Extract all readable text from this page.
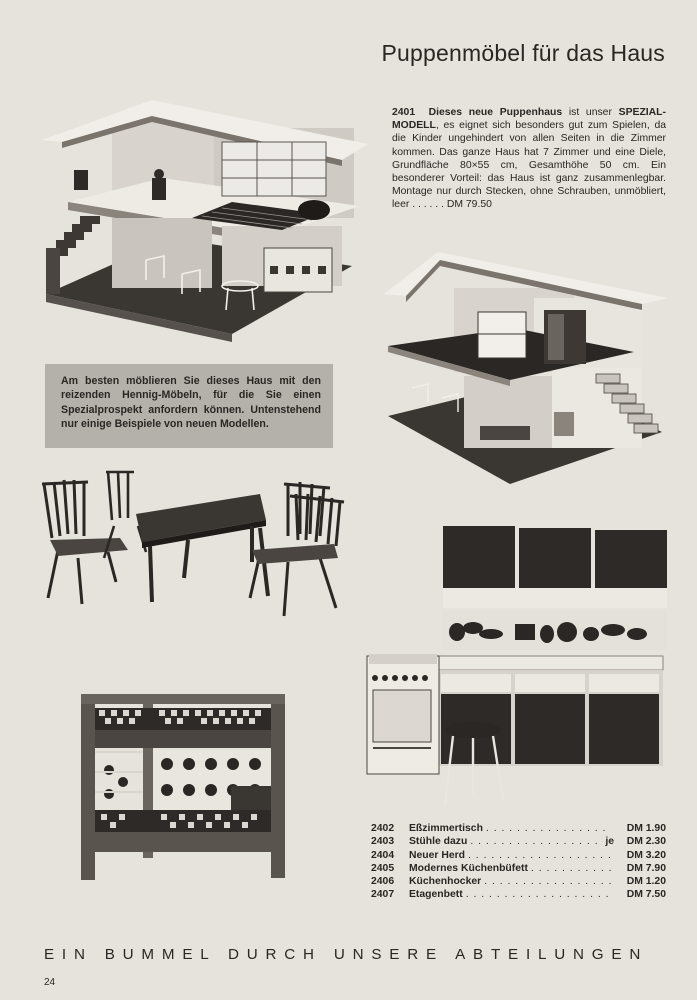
Puppenmöbel für das Haus
2401 Dieses neue Puppenhaus ist unser SPEZIAL-MODELL, es eignet sich besonders gut zum Spielen, da die Kinder ungehindert von allen Seiten in die Zimmer kommen. Das ganze Haus hat 7 Zimmer und eine Diele, Grundfläche 80×55 cm, Gesamthöhe 50 cm. Ein besonderer Vorteil: das Haus ist ganz zusammenlegbar. Montage nur durch Stecken, ohne Schrauben, unmöbliert, leer . . . . . . DM 79.50
Am besten möblieren Sie dieses Haus mit den reizenden Hennig-Möbeln, für die Sie einen Spezialprospekt anfordern können. Untenstehend nur einige Beispiele von neuen Modellen.
2402	Eßzimmertisch . . .	DM 1.90
2403	Stühle dazu . . .	je	DM 2.30
2404	Neuer Herd . . .	DM 3.20
2405	Modernes Küchenbüfett . . .	DM 7.90
2406	Küchenhocker . . .	DM 1.20
2407	Etagenbett . . .	DM 7.50
EIN BUMMEL DURCH UNSERE ABTEILUNGEN
24
